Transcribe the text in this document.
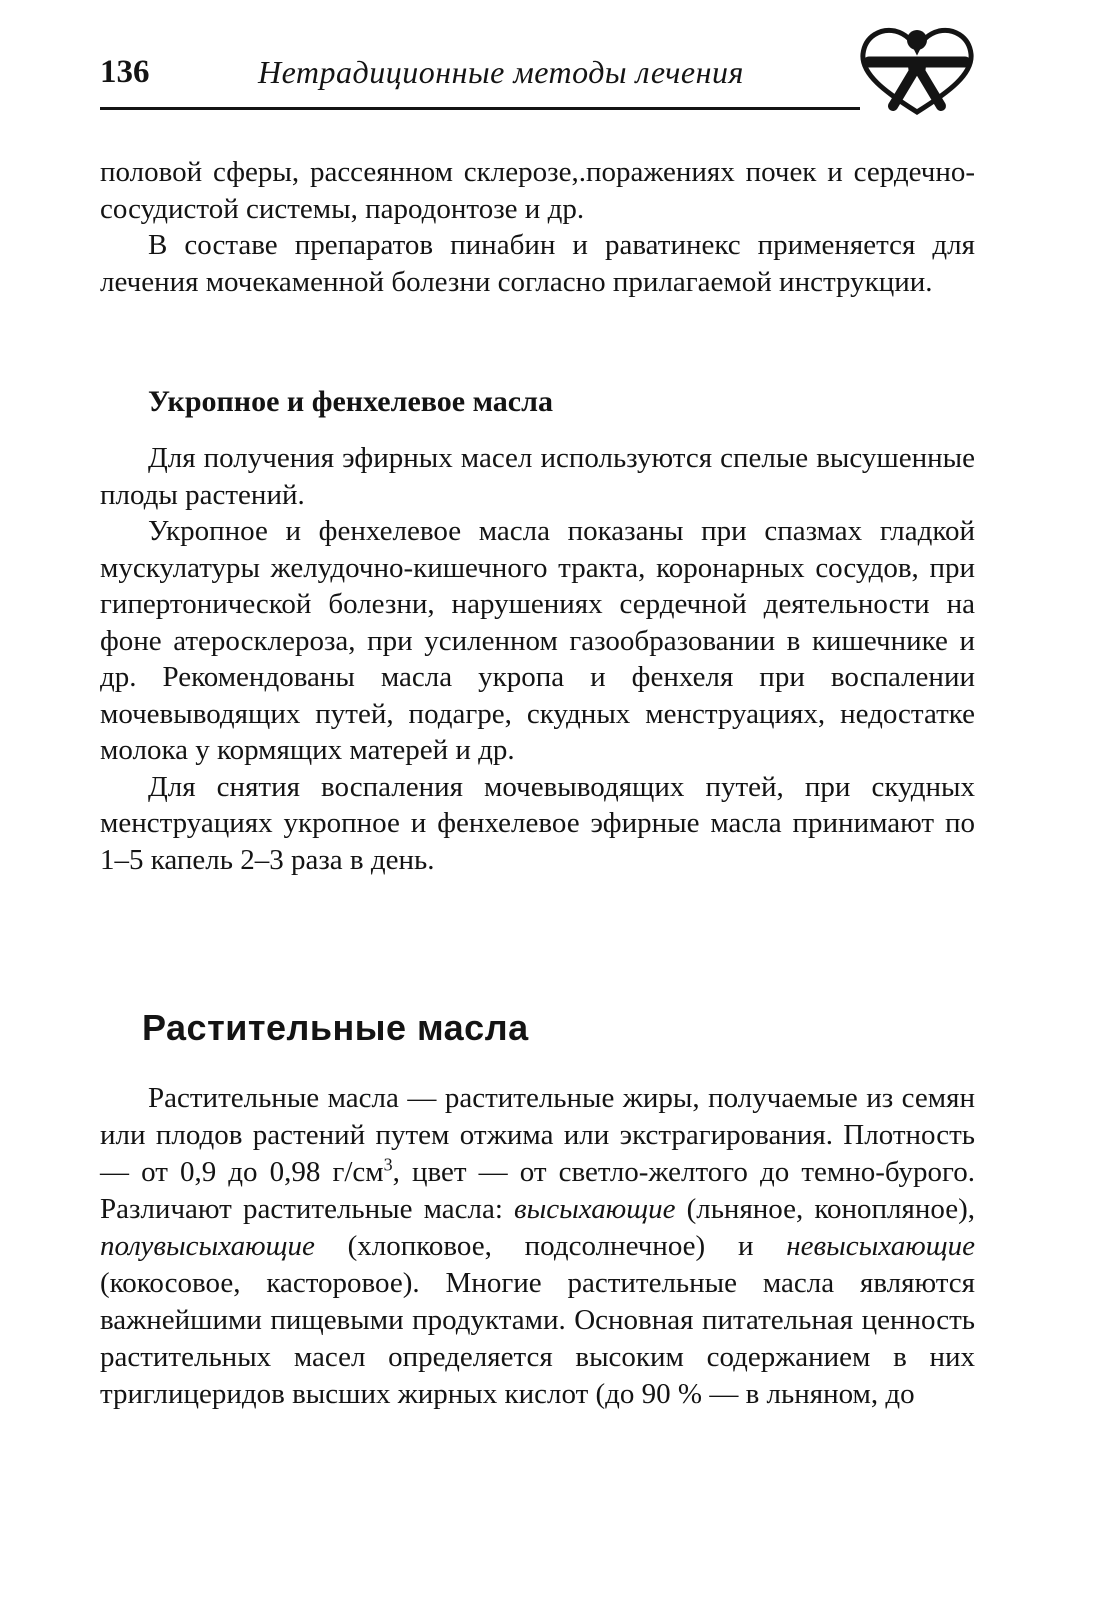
136	Нетрадиционные методы лечения

половой сферы, рассеянном склерозе,.поражениях почек и сердечно-сосудистой системы, пародонтозе и др.

В составе препаратов пинабин и раватинекс применяется для лечения мочекаменной болезни согласно прилагаемой инструкции.

Укропное и фенхелевое масла

Для получения эфирных масел используются спелые высушенные плоды растений.

Укропное и фенхелевое масла показаны при спазмах гладкой мускулатуры желудочно-кишечного тракта, коронарных сосудов, при гипертонической болезни, нарушениях сердечной деятельности на фоне атеросклероза, при усиленном газообразовании в кишечнике и др. Рекомендованы масла укропа и фенхеля при воспалении мочевыводящих путей, подагре, скудных менструациях, недостатке молока у кормящих матерей и др.

Для снятия воспаления мочевыводящих путей, при скудных менструациях укропное и фенхелевое эфирные масла принимают по 1–5 капель 2–3 раза в день.

Растительные масла

Растительные масла — растительные жиры, получаемые из семян или плодов растений путем отжима или экстрагирования. Плотность — от 0,9 до 0,98 $г/см^3$, цвет — от светло-желтого до темно-бурого. Различают растительные масла: высыхающие (льняное, конопляное), полувысыхающие (хлопковое, подсолнечное) и невысыхающие (кокосовое, касторовое). Многие растительные масла являются важнейшими пищевыми продуктами. Основная питательная ценность растительных масел определяется высоким содержанием в них триглицеридов высших жирных кислот (до 90 % — в льняном, до
